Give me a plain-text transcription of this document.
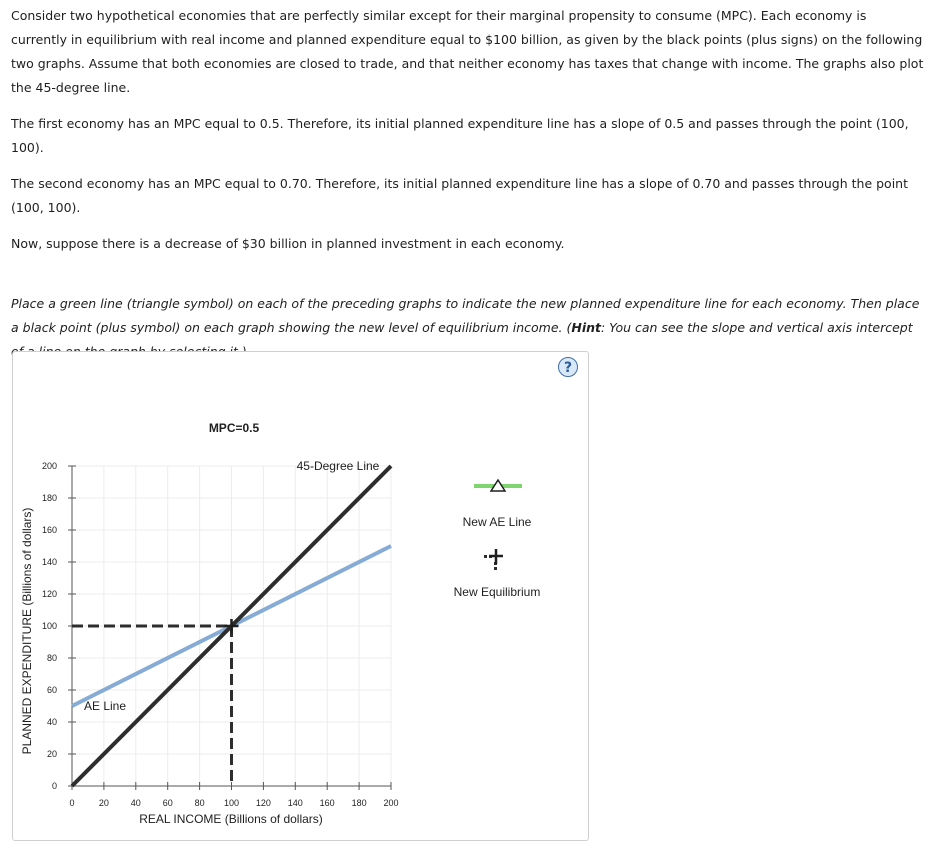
Consider two hypothetical economies that are perfectly similar except for their marginal propensity to consume (MPC). Each economy is currently in equilibrium with real income and planned expenditure equal to $100 billion, as given by the black points (plus signs) on the following two graphs. Assume that both economies are closed to trade, and that neither economy has taxes that change with income. The graphs also plot the 45-degree line.

The first economy has an MPC equal to 0.5. Therefore, its initial planned expenditure line has a slope of 0.5 and passes through the point (100, 100).

The second economy has an MPC equal to 0.70. Therefore, its initial planned expenditure line has a slope of 0.70 and passes through the point (100, 100).

Now, suppose there is a decrease of $30 billion in planned investment in each economy.

Place a green line (triangle symbol) on each of the preceding graphs to indicate the new planned expenditure line for each economy. Then place a black point (plus symbol) on each graph showing the new level of equilibrium income. (Hint: You can see the slope and vertical axis intercept

?
0	20 40 60 80 100 120 140 160 180 200
0
20
40
60
80
100
120
140
160
180
200
MPC=0.5
REAL INCOME (Billions of dollars)
PLANNED EXPENDITURE (Billions of dollars)
45-Degree Line
AE Line
New AE Line
New Equilibrium
